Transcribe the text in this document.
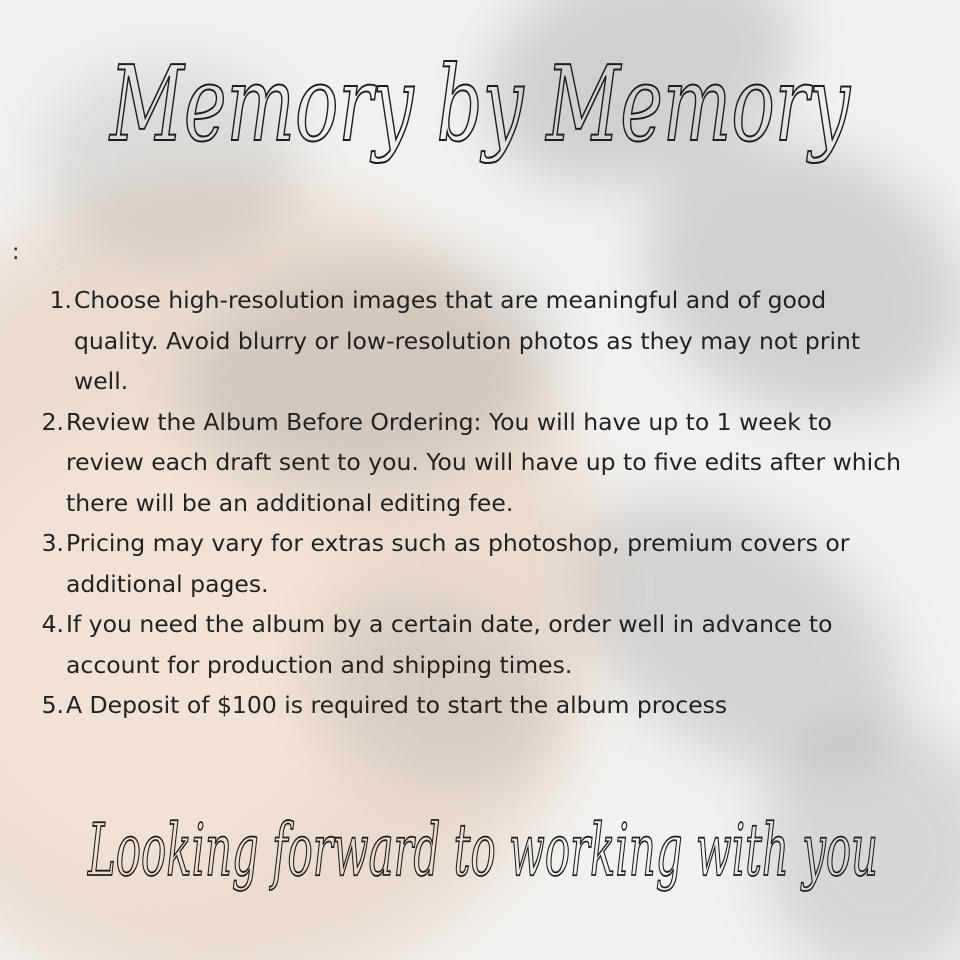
Memory by Memory
:
1. Choose high-resolution images that are meaningful and of good quality. Avoid blurry or low-resolution photos as they may not print well.
2. Review the Album Before Ordering: You will have up to 1 week to review each draft sent to you. You will have up to five edits after which there will be an additional editing fee.
3. Pricing may vary for extras such as photoshop, premium covers or additional pages.
4. If you need the album by a certain date, order well in advance to account for production and shipping times.
5. A Deposit of $100 is required to start the album process
Looking forward to working with you
